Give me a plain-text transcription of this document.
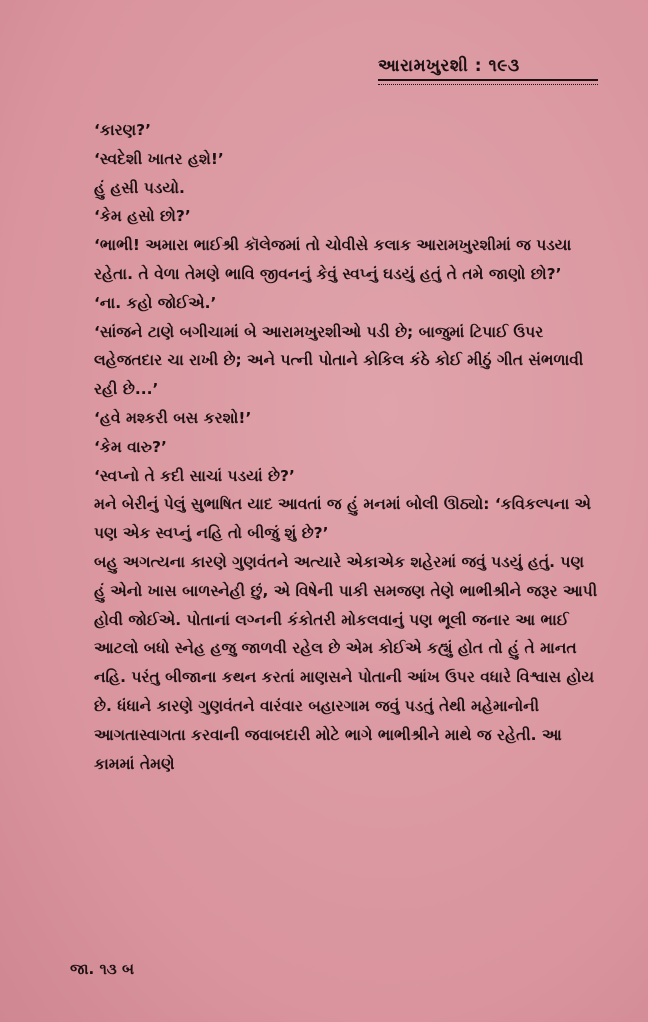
આરામખુરશી : ૧૯૩

‘કારણ?’

‘સ્વદેશી ખાતર હશે!’

હું હસી પડયો.

‘કેમ હસો છો?’

‘ભાભી! અમારા ભાઈશ્રી કૉલેજમાં તો ચોવીસે કલાક આરામખુરશીમાં જ પડયા રહેતા. તે વેળા તેમણે ભાવિ જીવનનું કેવું સ્વપ્નું ઘડયું હતું તે તમે જાણો છો?’

‘ના. કહો જોઈએ.’

‘સાંજને ટાણે બગીચામાં બે આરામખુરશીઓ પડી છે; બાજુમાં ટિપાઈ ઉપર લહેજતદાર ચા રાખી છે; અને પત્ની પોતાને કોકિલ કંઠે કોઈ મીઠું ગીત સંભળાવી રહી છે...’

‘હવે મશ્કરી બસ કરશો!’

‘કેમ વારુ?’

‘સ્વપ્નો તે કદી સાચાં પડયાં છે?’

મને બેરીનું પેલું સુભાષિત યાદ આવતાં જ હું મનમાં બોલી ઊઠ્યો: ‘કવિકલ્પના એ પણ એક સ્વપ્નું નહિ તો બીજું શું છે?’

બહુ અગત્યના કારણે ગુણવંતને અત્યારે એકાએક શહેરમાં જવું પડયું હતું. પણ હું એનો ખાસ બાળસ્નેહી છું, એ વિષેની પાકી સમજણ તેણે ભાભીશ્રીને જરૂર આપી હોવી જોઈએ. પોતાનાં લગ્નની કંકોતરી મોકલવાનું પણ ભૂલી જનાર આ ભાઈ આટલો બધો સ્નેહ હજુ જાળવી રહેલ છે એમ કોઈએ કહ્યું હોત તો હું તે માનત નહિ. પરંતુ બીજાના કથન કરતાં માણસને પોતાની આંખ ઉપર વધારે વિશ્વાસ હોય છે. ધંધાને કારણે ગુણવંતને વારંવાર બહારગામ જવું પડતું તેથી મહેમાનોની આગતાસ્વાગતા કરવાની જવાબદારી મોટે ભાગે ભાભીશ્રીને માથે જ રહેતી. આ કામમાં તેમણે

જા. ૧૩ બ
